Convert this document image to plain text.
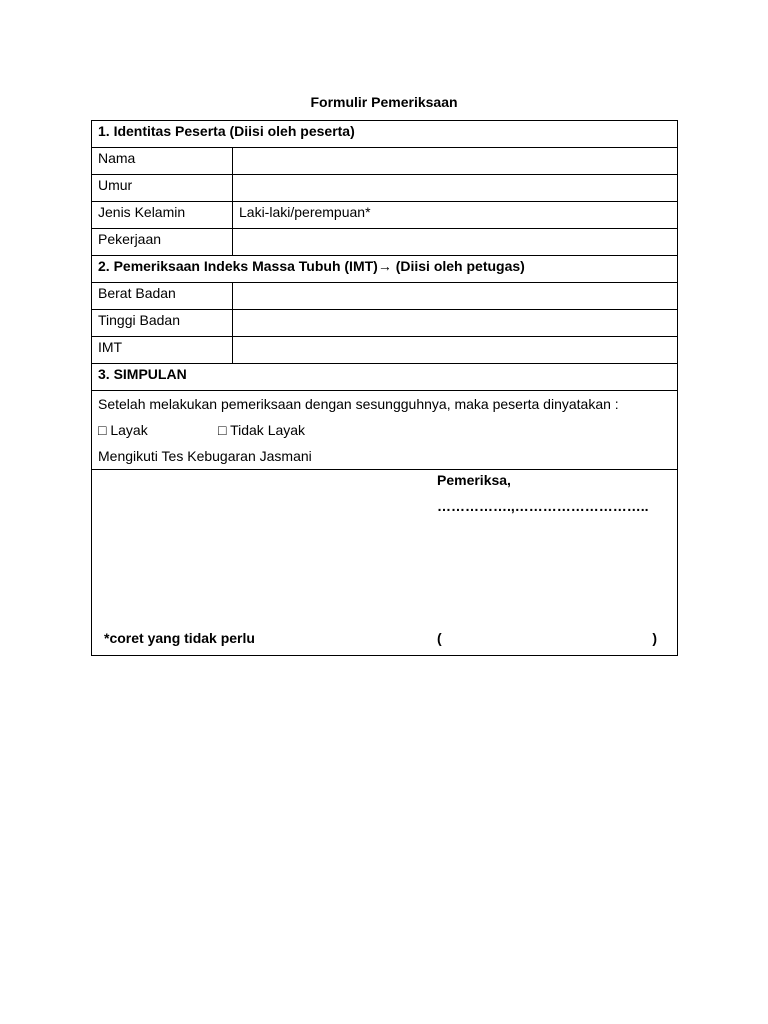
Formulir Pemeriksaan
1. Identitas Peserta (Diisi oleh peserta)	
Nama	
Umur	
Jenis Kelamin	Laki-laki/perempuan*
Pekerjaan	
2. Pemeriksaan Indeks Massa Tubuh (IMT)→ (Diisi oleh petugas)	
Berat Badan	
Tinggi Badan	
IMT	
3. SIMPULAN	

Setelah melakukan pemeriksaan dengan sesungguhnya, maka peserta dinyatakan :
□ Layak □ Tidak Layak
Mengikuti Tes Kebugaran Jasmani	

Pemeriksa,
…………….,………………………..
*coret yang tidak perlu ( )	
